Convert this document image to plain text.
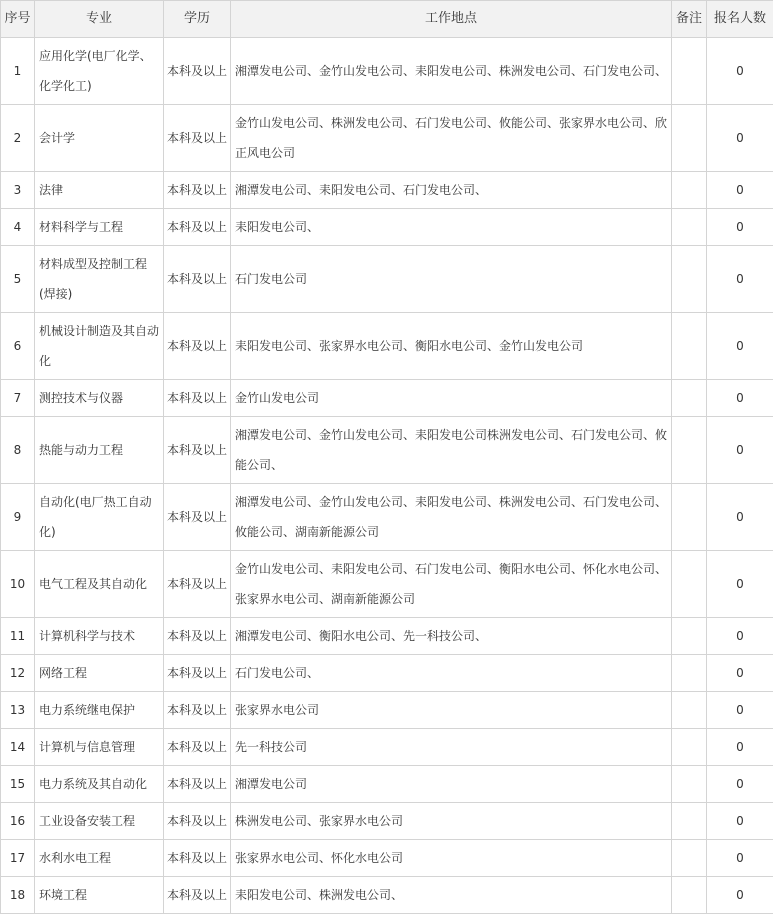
序号	专业	学历	工作地点	备注	报名人数
1	应用化学(电厂化学、化学化工)	本科及以上	湘潭发电公司、金竹山发电公司、耒阳发电公司、株洲发电公司、石门发电公司、		0
2	会计学	本科及以上	金竹山发电公司、株洲发电公司、石门发电公司、攸能公司、张家界水电公司、欣正风电公司		0
3	法律	本科及以上	湘潭发电公司、耒阳发电公司、石门发电公司、		0
4	材料科学与工程	本科及以上	耒阳发电公司、		0
5	材料成型及控制工程(焊接)	本科及以上	石门发电公司		0
6	机械设计制造及其自动化	本科及以上	耒阳发电公司、张家界水电公司、衡阳水电公司、金竹山发电公司		0
7	测控技术与仪器	本科及以上	金竹山发电公司		0
8	热能与动力工程	本科及以上	湘潭发电公司、金竹山发电公司、耒阳发电公司株洲发电公司、石门发电公司、攸能公司、		0
9	自动化(电厂热工自动化)	本科及以上	湘潭发电公司、金竹山发电公司、耒阳发电公司、株洲发电公司、石门发电公司、攸能公司、湖南新能源公司		0
10	电气工程及其自动化	本科及以上	金竹山发电公司、耒阳发电公司、石门发电公司、衡阳水电公司、怀化水电公司、张家界水电公司、湖南新能源公司		0
11	计算机科学与技术	本科及以上	湘潭发电公司、衡阳水电公司、先一科技公司、		0
12	网络工程	本科及以上	石门发电公司、		0
13	电力系统继电保护	本科及以上	张家界水电公司		0
14	计算机与信息管理	本科及以上	先一科技公司		0
15	电力系统及其自动化	本科及以上	湘潭发电公司		0
16	工业设备安装工程	本科及以上	株洲发电公司、张家界水电公司		0
17	水利水电工程	本科及以上	张家界水电公司、怀化水电公司		0
18	环境工程	本科及以上	耒阳发电公司、株洲发电公司、		0
